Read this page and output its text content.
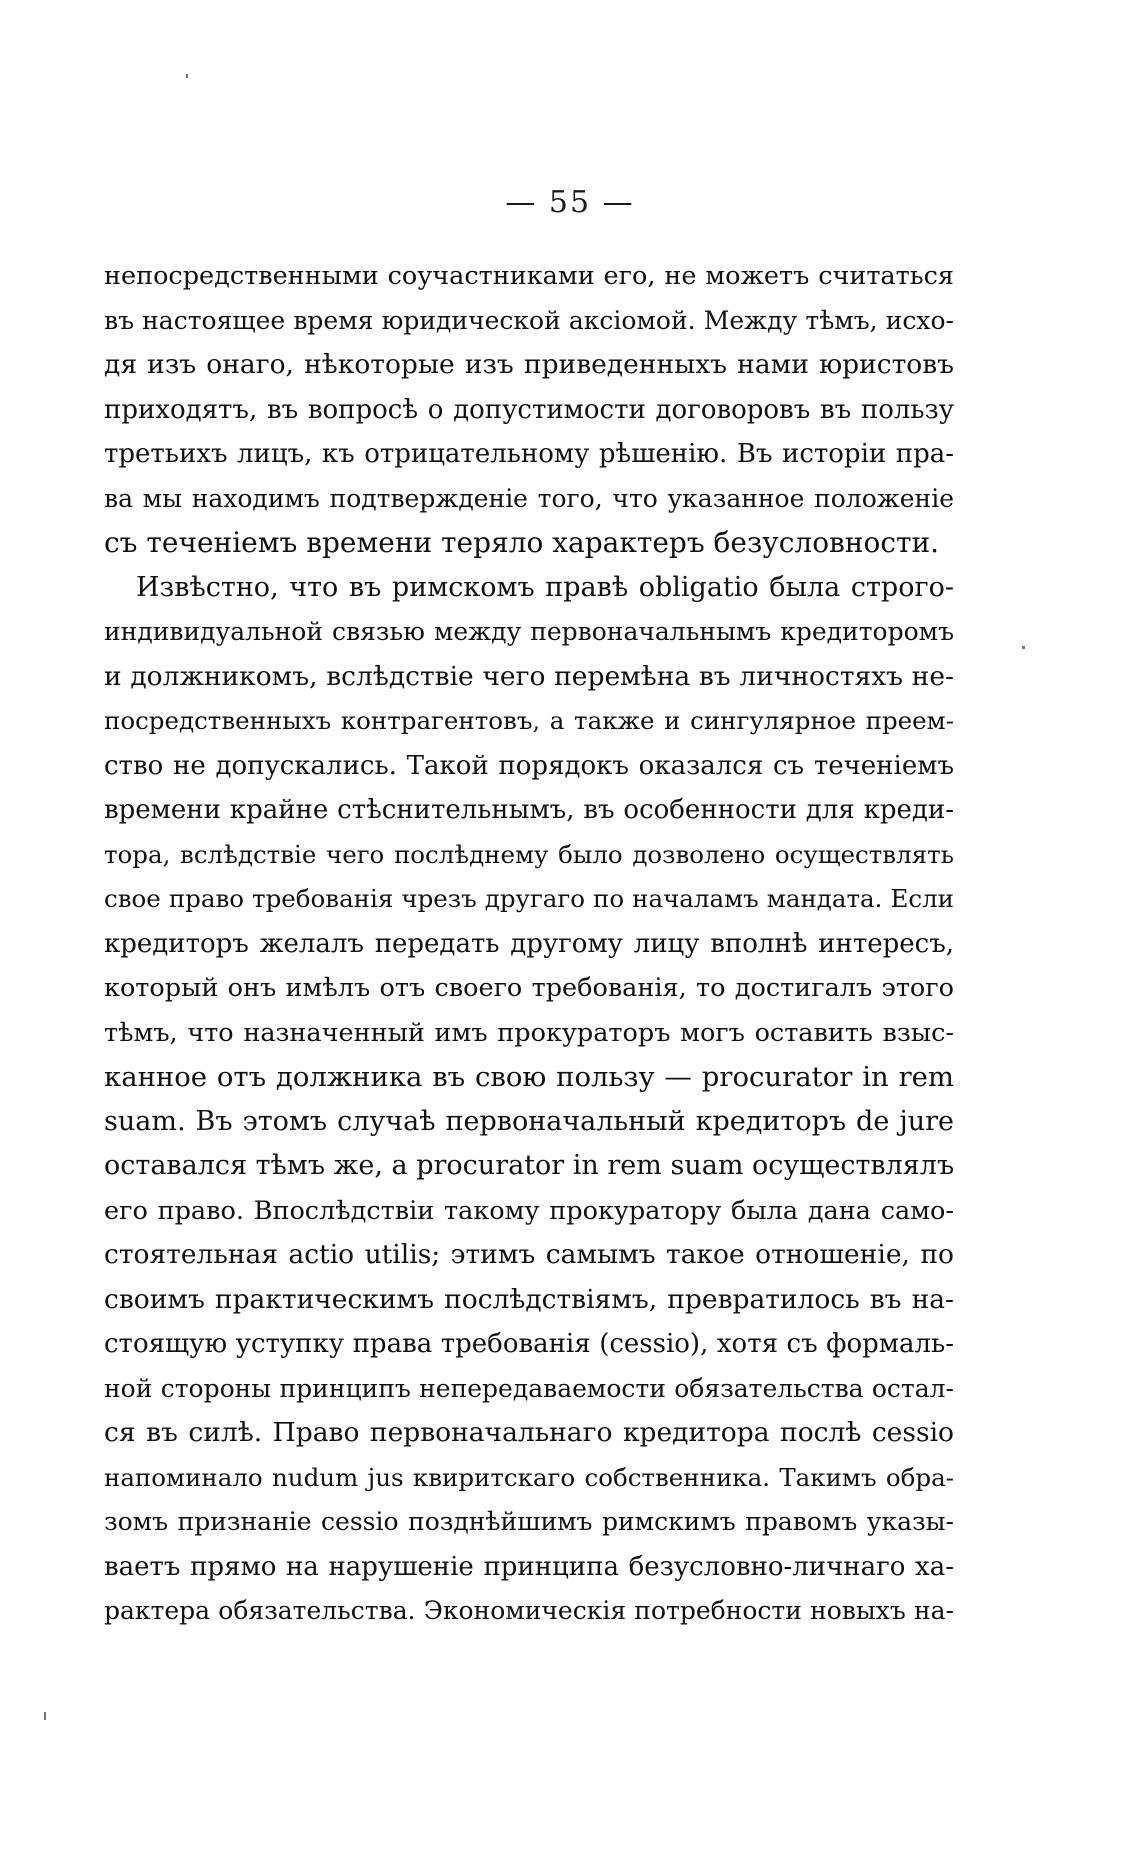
— 55 —
непосредственными соучастниками его, не можетъ считаться
въ настоящее время юридической аксіомой. Между тѣмъ, исхо-
дя изъ онаго, нѣкоторые изъ приведенныхъ нами юристовъ
приходятъ, въ вопросѣ о допустимости договоровъ въ пользу
третьихъ лицъ, къ отрицательному рѣшенію. Въ исторіи пра-
ва мы находимъ подтвержденіе того, что указанное положеніе
съ теченіемъ времени теряло характеръ безусловности.
Извѣстно, что въ римскомъ правѣ obligatio была строго-
индивидуальной связью между первоначальнымъ кредиторомъ
и должникомъ, вслѣдствіе чего перемѣна въ личностяхъ не-
посредственныхъ контрагентовъ, а также и сингулярное преем-
ство не допускались. Такой порядокъ оказался съ теченіемъ
времени крайне стѣснительнымъ, въ особенности для креди-
тора, вслѣдствіе чего послѣднему было дозволено осуществлять
свое право требованія чрезъ другаго по началамъ мандата. Если
кредиторъ желалъ передать другому лицу вполнѣ интересъ,
который онъ имѣлъ отъ своего требованія, то достигалъ этого
тѣмъ, что назначенный имъ прокураторъ могъ оставить взыс-
канное отъ должника въ свою пользу — procurator in rem
suam. Въ этомъ случаѣ первоначальный кредиторъ de jure
оставался тѣмъ же, а procurator in rem suam осуществлялъ
его право. Впослѣдствіи такому прокуратору была дана само-
стоятельная actio utilis; этимъ самымъ такое отношеніе, по
своимъ практическимъ послѣдствіямъ, превратилось въ на-
стоящую уступку права требованія (cessio), хотя съ формаль-
ной стороны принципъ непередаваемости обязательства остал-
ся въ силѣ. Право первоначальнаго кредитора послѣ cessio
напоминало nudum jus квиритскаго собственника. Такимъ обра-
зомъ признаніе cessio позднѣйшимъ римскимъ правомъ указы-
ваетъ прямо на нарушеніе принципа безусловно-личнаго ха-
рактера обязательства. Экономическія потребности новыхъ на-
